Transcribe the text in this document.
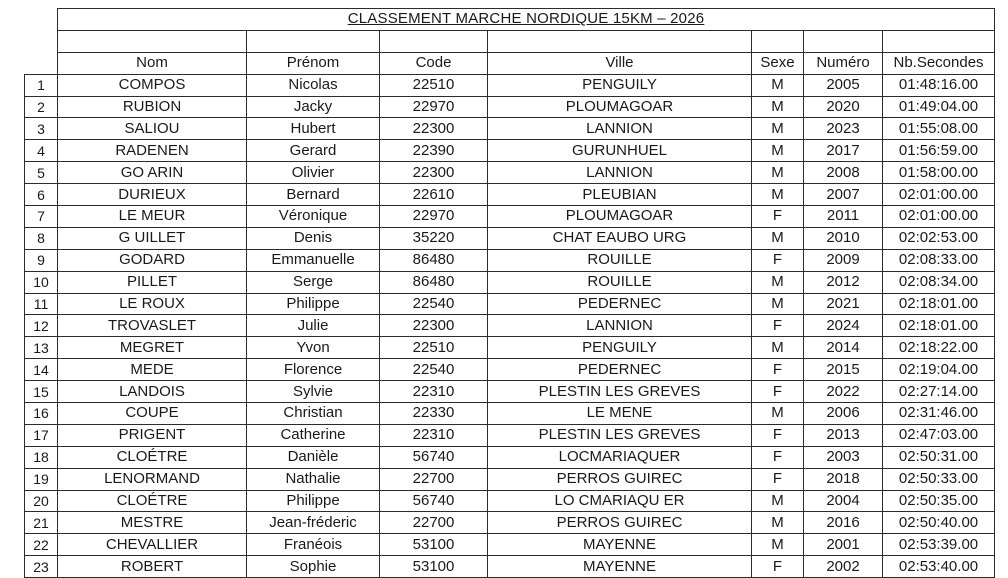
	CLASSEMENT MARCHE NORDIQUE 15KM – 2026						

	Nom	Prénom	Code	Ville	Sexe	Numéro	Nb.Secondes
1	COMPOS	Nicolas	22510	PENGUILY	M	2005	01:48:16.00
2	RUBION	Jacky	22970	PLOUMAGOAR	M	2020	01:49:04.00
3	SALIOU	Hubert	22300	LANNION	M	2023	01:55:08.00
4	RADENEN	Gerard	22390	GURUNHUEL	M	2017	01:56:59.00
5	GO ARIN	Olivier	22300	LANNION	M	2008	01:58:00.00
6	DURIEUX	Bernard	22610	PLEUBIAN	M	2007	02:01:00.00
7	LE MEUR	Véronique	22970	PLOUMAGOAR	F	2011	02:01:00.00
8	G UILLET	Denis	35220	CHAT EAUBO URG	M	2010	02:02:53.00
9	GODARD	Emmanuelle	86480	ROUILLE	F	2009	02:08:33.00
10	PILLET	Serge	86480	ROUILLE	M	2012	02:08:34.00
11	LE ROUX	Philippe	22540	PEDERNEC	M	2021	02:18:01.00
12	TROVASLET	Julie	22300	LANNION	F	2024	02:18:01.00
13	MEGRET	Yvon	22510	PENGUILY	M	2014	02:18:22.00
14	MEDE	Florence	22540	PEDERNEC	F	2015	02:19:04.00
15	LANDOIS	Sylvie	22310	PLESTIN LES GREVES	F	2022	02:27:14.00
16	COUPE	Christian	22330	LE MENE	M	2006	02:31:46.00
17	PRIGENT	Catherine	22310	PLESTIN LES GREVES	F	2013	02:47:03.00
18	CLOÉTRE	Danièle	56740	LOCMARIAQUER	F	2003	02:50:31.00
19	LENORMAND	Nathalie	22700	PERROS GUIREC	F	2018	02:50:33.00
20	CLOÉTRE	Philippe	56740	LO CMARIAQU ER	M	2004	02:50:35.00
21	MESTRE	Jean-fréderic	22700	PERROS GUIREC	M	2016	02:50:40.00
22	CHEVALLIER	Franéois	53100	MAYENNE	M	2001	02:53:39.00
23	ROBERT	Sophie	53100	MAYENNE	F	2002	02:53:40.00
